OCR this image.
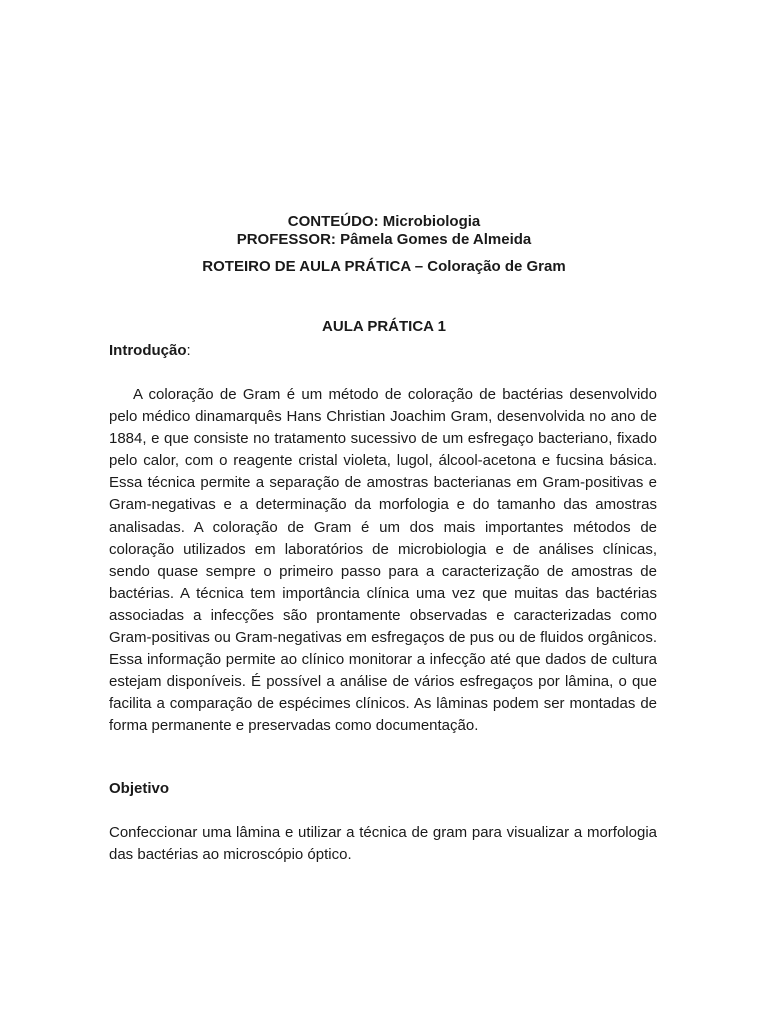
CONTEÚDO: Microbiologia
PROFESSOR: Pâmela Gomes de Almeida
ROTEIRO DE AULA PRÁTICA – Coloração de Gram
AULA PRÁTICA 1
Introdução:

A coloração de Gram é um método de coloração de bactérias desenvolvido pelo médico dinamarquês Hans Christian Joachim Gram, desenvolvida no ano de 1884, e que consiste no tratamento sucessivo de um esfregaço bacteriano, fixado pelo calor, com o reagente cristal violeta, lugol, álcool-acetona e fucsina básica. Essa técnica permite a separação de amostras bacterianas em Gram-positivas e Gram-negativas e a determinação da morfologia e do tamanho das amostras analisadas. A coloração de Gram é um dos mais importantes métodos de coloração utilizados em laboratórios de microbiologia e de análises clínicas, sendo quase sempre o primeiro passo para a caracterização de amostras de bactérias. A técnica tem importância clínica uma vez que muitas das bactérias associadas a infecções são prontamente observadas e caracterizadas como Gram-positivas ou Gram-negativas em esfregaços de pus ou de fluidos orgânicos. Essa informação permite ao clínico monitorar a infecção até que dados de cultura estejam disponíveis. É possível a análise de vários esfregaços por lâmina, o que facilita a comparação de espécimes clínicos. As lâminas podem ser montadas de forma permanente e preservadas como documentação.

Objetivo

Confeccionar uma lâmina e utilizar a técnica de gram para visualizar a morfologia das bactérias ao microscópio óptico.
